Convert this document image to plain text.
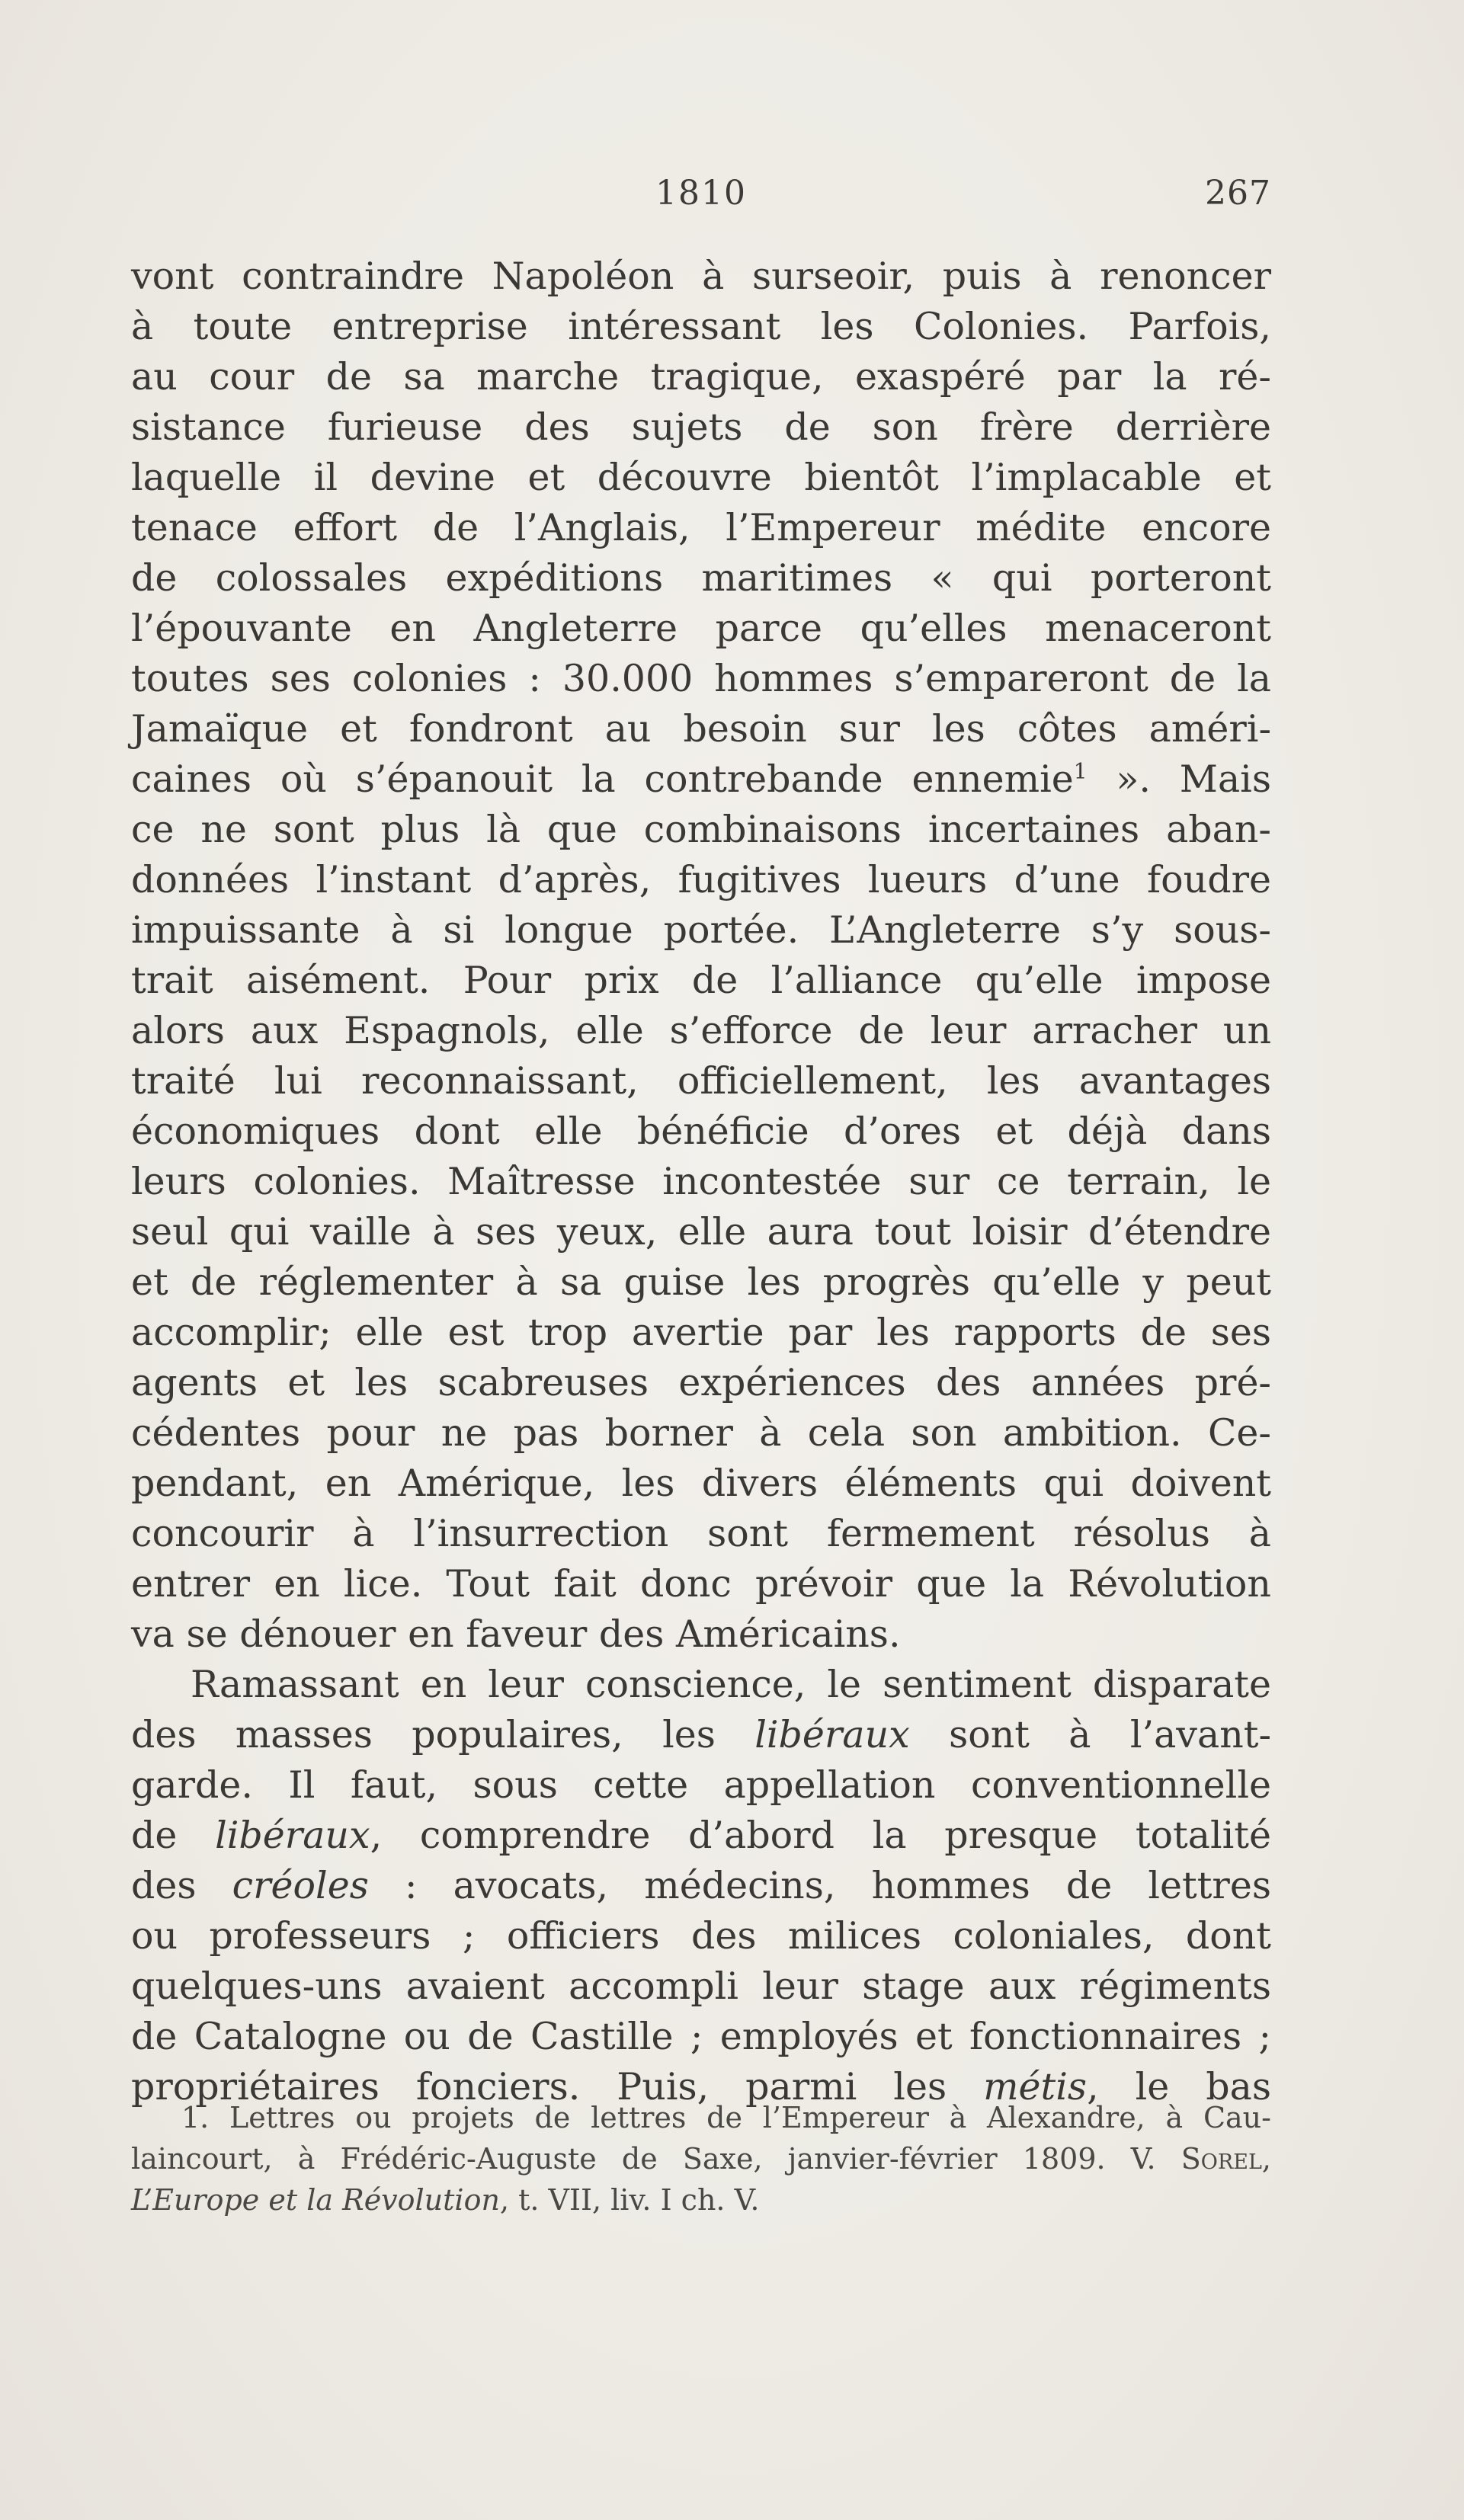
1810	267
vont contraindre Napoléon à surseoir, puis à renoncer
à toute entreprise intéressant les Colonies. Parfois,
au cour de sa marche tragique, exaspéré par la ré-
sistance furieuse des sujets de son frère derrière
laquelle il devine et découvre bientôt l’implacable et
tenace effort de l’Anglais, l’Empereur médite encore
de colossales expéditions maritimes « qui porteront
l’épouvante en Angleterre parce qu’elles menaceront
toutes ses colonies : 30.000 hommes s’empareront de la
Jamaïque et fondront au besoin sur les côtes améri-
caines où s’épanouit la contrebande ennemie$^1$ ». Mais
ce ne sont plus là que combinaisons incertaines aban-
données l’instant d’après, fugitives lueurs d’une foudre
impuissante à si longue portée. L’Angleterre s’y sous-
trait aisément. Pour prix de l’alliance qu’elle impose
alors aux Espagnols, elle s’efforce de leur arracher un
traité lui reconnaissant, officiellement, les avantages
économiques dont elle bénéficie d’ores et déjà dans
leurs colonies. Maîtresse incontestée sur ce terrain, le
seul qui vaille à ses yeux, elle aura tout loisir d’étendre
et de réglementer à sa guise les progrès qu’elle y peut
accomplir; elle est trop avertie par les rapports de ses
agents et les scabreuses expériences des années pré-
cédentes pour ne pas borner à cela son ambition. Ce-
pendant, en Amérique, les divers éléments qui doivent
concourir à l’insurrection sont fermement résolus à
entrer en lice. Tout fait donc prévoir que la Révolution
va se dénouer en faveur des Américains.
Ramassant en leur conscience, le sentiment disparate
des masses populaires, les libéraux sont à l’avant-
garde. Il faut, sous cette appellation conventionnelle
de libéraux, comprendre d’abord la presque totalité
des créoles : avocats, médecins, hommes de lettres
ou professeurs ; officiers des milices coloniales, dont
quelques-uns avaient accompli leur stage aux régiments
de Catalogne ou de Castille ; employés et fonctionnaires ;
propriétaires fonciers. Puis, parmi les métis, le bas
1. Lettres ou projets de lettres de l’Empereur à Alexandre, à Cau-
laincourt, à Frédéric-Auguste de Saxe, janvier-février 1809. V. Sorel,
L’Europe et la Révolution, t. VII, liv. I ch. V.
